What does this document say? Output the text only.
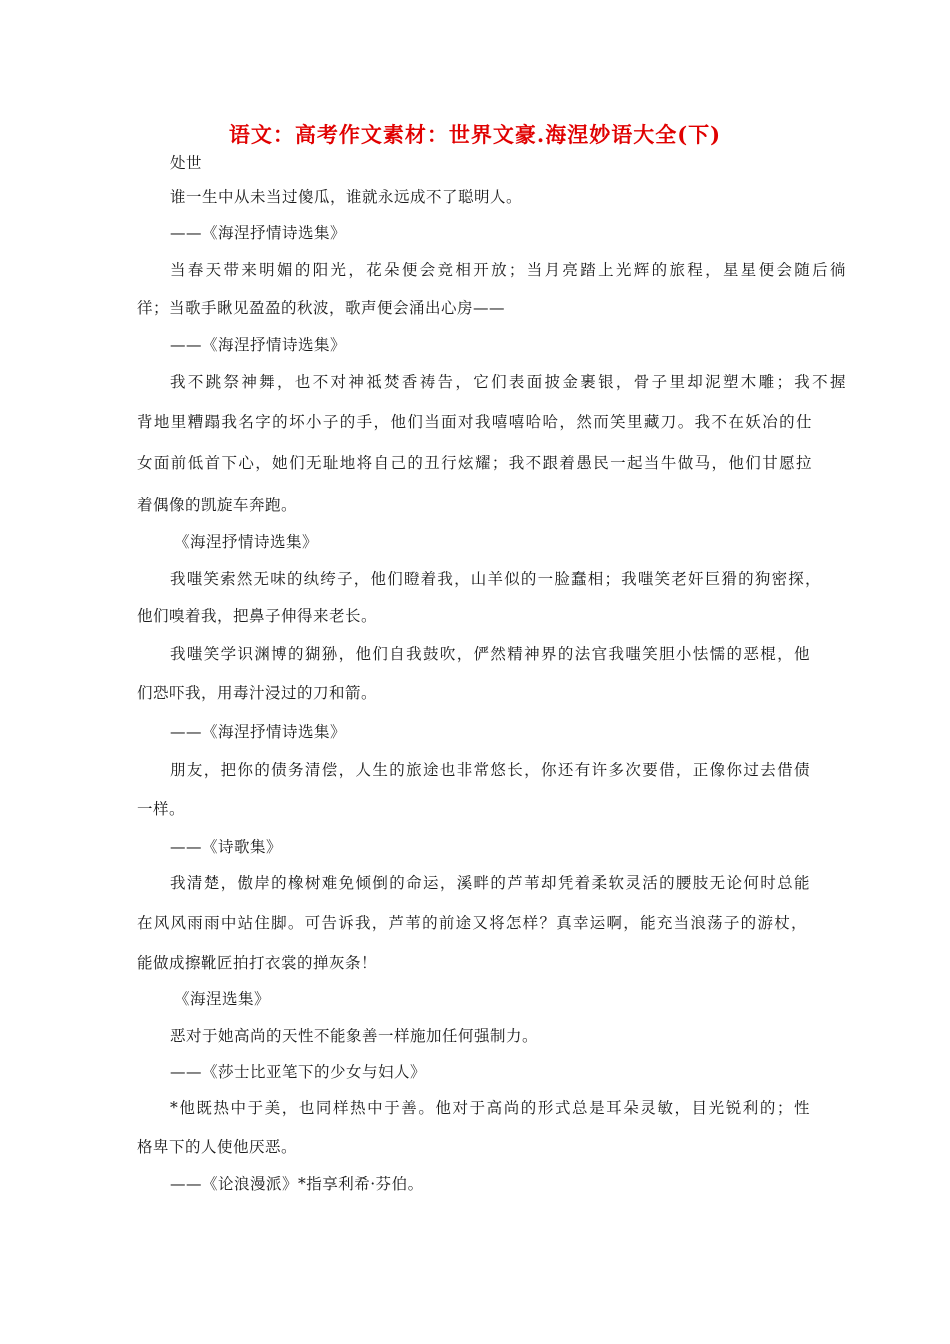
语文：高考作文素材：世界文豪.海涅妙语大全(下)
处世
谁一生中从未当过傻瓜，谁就永远成不了聪明人。
——《海涅抒情诗选集》
当春天带来明媚的阳光，花朵便会竞相开放；当月亮踏上光辉的旅程，星星便会随后徜
徉；当歌手瞅见盈盈的秋波，歌声便会涌出心房——
——《海涅抒情诗选集》
我不跳祭神舞，也不对神祗焚香祷告，它们表面披金裹银，骨子里却泥塑木雕；我不握
背地里糟蹋我名字的坏小子的手，他们当面对我嘻嘻哈哈，然而笑里藏刀。我不在妖冶的仕
女面前低首下心，她们无耻地将自己的丑行炫耀；我不跟着愚民一起当牛做马，他们甘愿拉
着偶像的凯旋车奔跑。
《海涅抒情诗选集》
我嗤笑索然无味的纨绔子，他们瞪着我，山羊似的一脸蠢相；我嗤笑老奸巨猾的狗密探，
他们嗅着我，把鼻子伸得来老长。
我嗤笑学识渊博的猢狲，他们自我鼓吹，俨然精神界的法官我嗤笑胆小怯懦的恶棍，他
们恐吓我，用毒汁浸过的刀和箭。
——《海涅抒情诗选集》
朋友，把你的债务清偿，人生的旅途也非常悠长，你还有许多次要借，正像你过去借债
一样。
——《诗歌集》
我清楚，傲岸的橡树难免倾倒的命运，溪畔的芦苇却凭着柔软灵活的腰肢无论何时总能
在风风雨雨中站住脚。可告诉我，芦苇的前途又将怎样？真幸运啊，能充当浪荡子的游杖，
能做成擦靴匠拍打衣裳的掸灰条！
《海涅选集》
恶对于她高尚的天性不能象善一样施加任何强制力。
——《莎士比亚笔下的少女与妇人》
*他既热中于美，也同样热中于善。他对于高尚的形式总是耳朵灵敏，目光锐利的；性
格卑下的人使他厌恶。
——《论浪漫派》*指享利希·芬伯。
